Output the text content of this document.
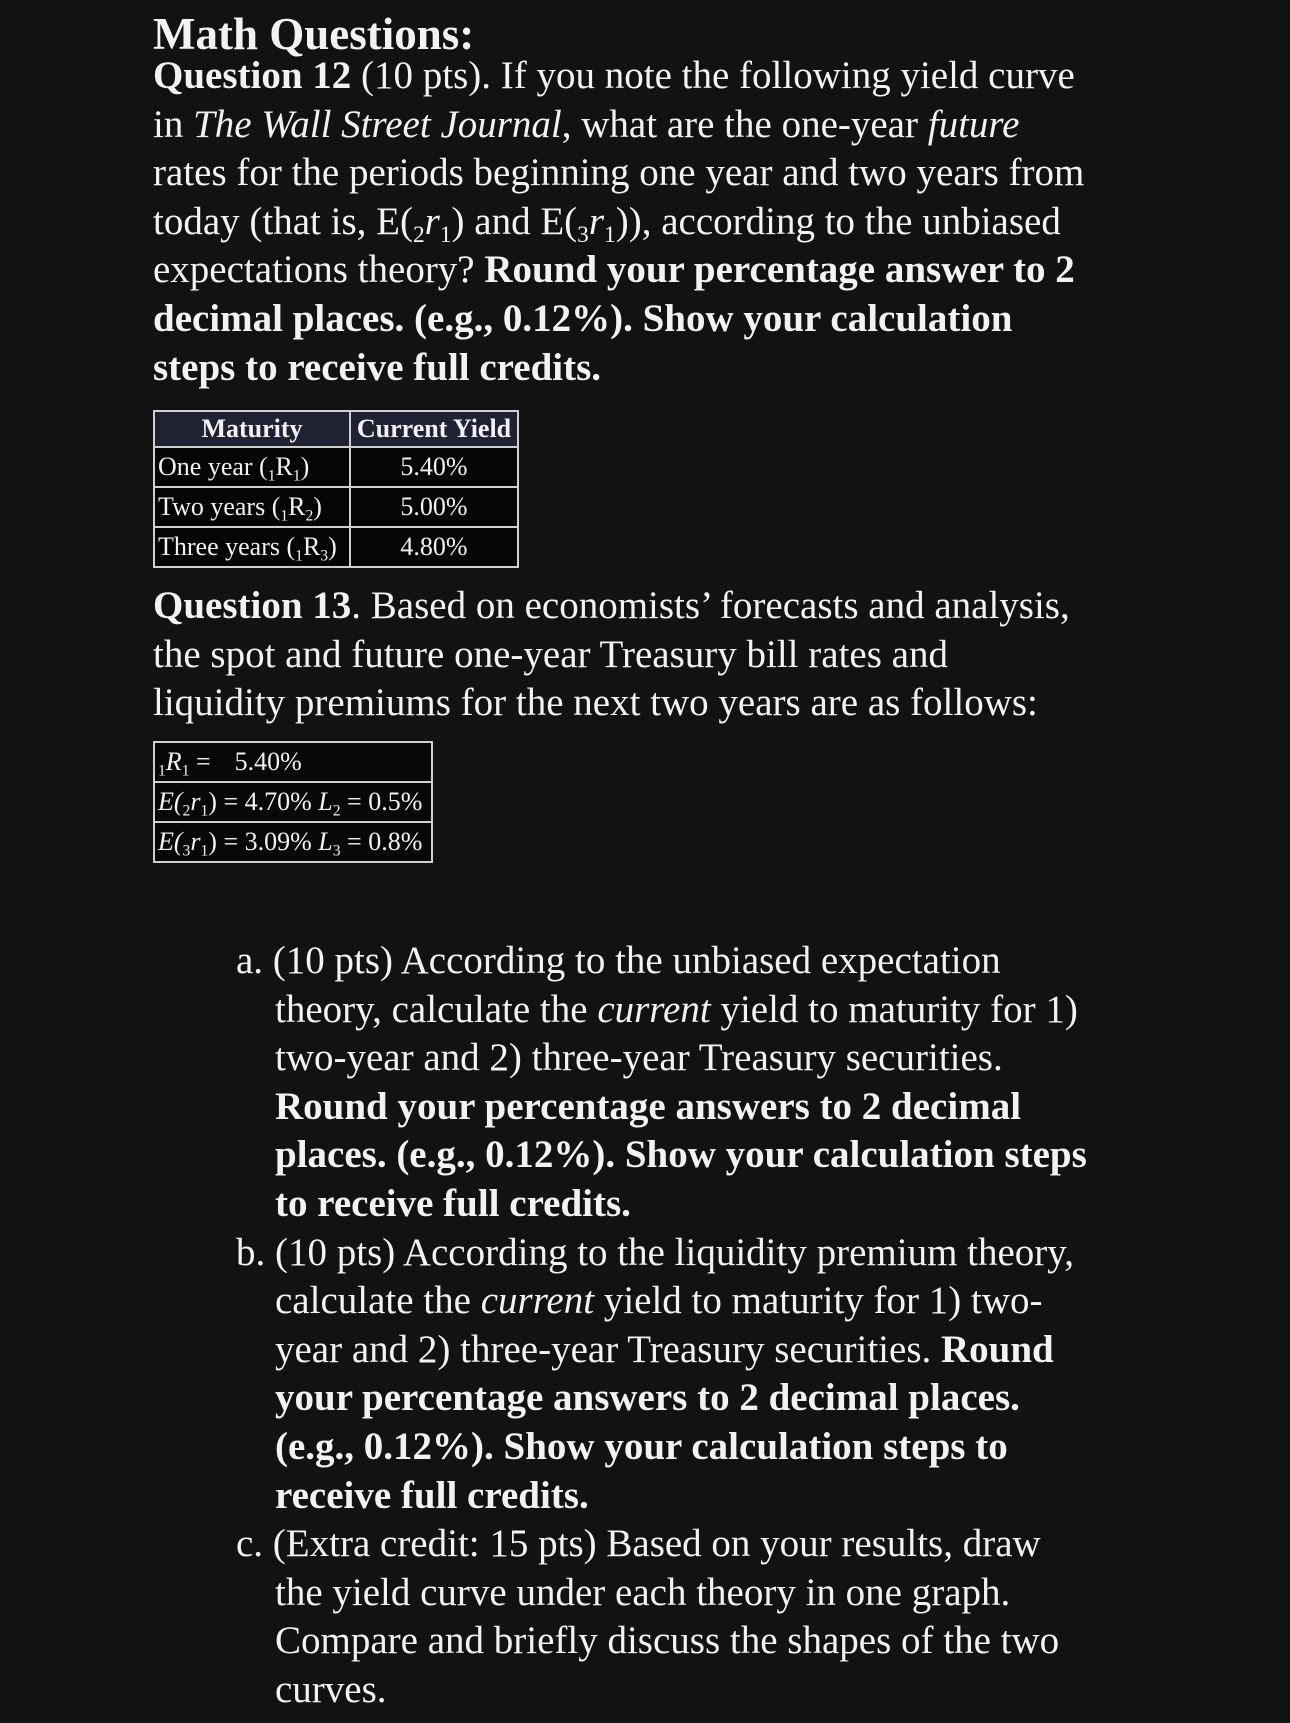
Math Questions:
Question 12 (10 pts). If you note the following yield curve
in The Wall Street Journal, what are the one-year future
rates for the periods beginning one year and two years from
today (that is, $E(_2r_1)$ and $E(_3r_1)$), according to the unbiased
expectations theory? Round your percentage answer to 2
decimal places. (e.g., 0.12%). Show your calculation
steps to receive full credits.
Maturity	Current Yield
One year $(_1R_1)$	5.40%
Two years $(_1R_2)$	5.00%
Three years $(_1R_3)$	4.80%
Question 13. Based on economists’ forecasts and analysis,
the spot and future one-year Treasury bill rates and
liquidity premiums for the next two years are as follows:
$_1R_1 = 5.40\%$
$E(_2r_1) = 4.70\%$ $L_2 = 0.5\%$
$E(_3r_1) = 3.09\%$ $L_3 = 0.8\%$
a. (10 pts) According to the unbiased expectation
theory, calculate the current yield to maturity for 1)
two-year and 2) three-year Treasury securities.
Round your percentage answers to 2 decimal
places. (e.g., 0.12%). Show your calculation steps
to receive full credits.
b. (10 pts) According to the liquidity premium theory,
calculate the current yield to maturity for 1) two-
year and 2) three-year Treasury securities. Round
your percentage answers to 2 decimal places.
(e.g., 0.12%). Show your calculation steps to
receive full credits.
c. (Extra credit: 15 pts) Based on your results, draw
the yield curve under each theory in one graph.
Compare and briefly discuss the shapes of the two
curves.
